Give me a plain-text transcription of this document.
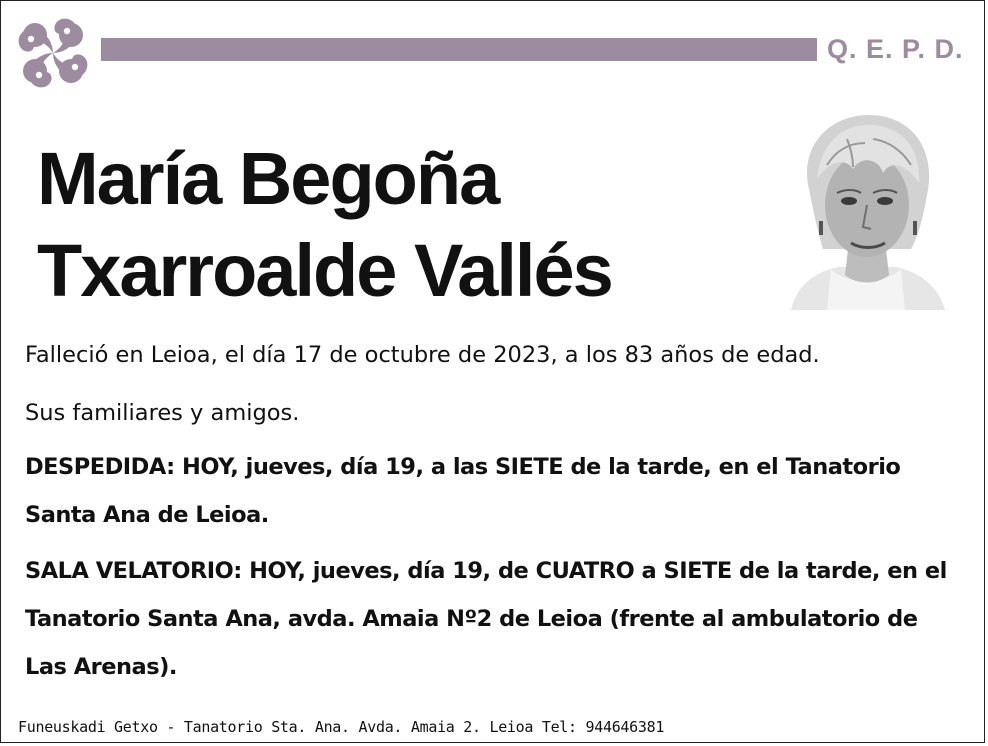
Q. E. P. D.
María Begoña
Txarroalde Vallés

Falleció en Leioa, el día 17 de octubre de 2023, a los 83 años de edad.

Sus familiares y amigos.

DESPEDIDA: HOY, jueves, día 19, a las SIETE de la tarde, en el Tanatorio Santa Ana de Leioa.

SALA VELATORIO: HOY, jueves, día 19, de CUATRO a SIETE de la tarde, en el Tanatorio Santa Ana, avda. Amaia Nº2 de Leioa (frente al ambulatorio de Las Arenas).

Funeuskadi Getxo - Tanatorio Sta. Ana. Avda. Amaia 2. Leioa Tel: 944646381
